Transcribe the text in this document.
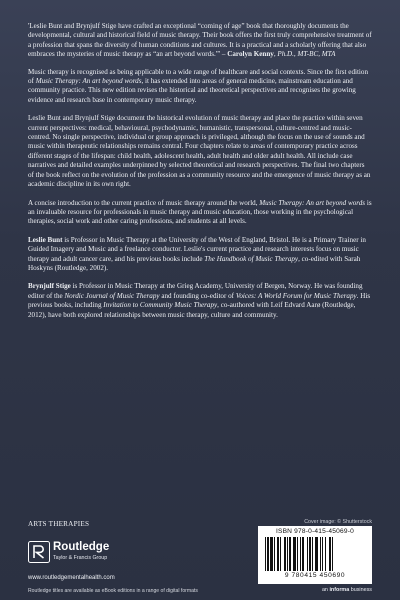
'Leslie Bunt and Brynjulf Stige have crafted an exceptional “coming of age” book that thoroughly documents the developmental, cultural and historical field of music therapy. Their book offers the first truly comprehensive treatment of a profession that spans the diversity of human conditions and cultures. It is a practical and a scholarly offering that also embraces the mysteries of music therapy as “an art beyond words.”' – Carolyn Kenny, Ph.D., MT-BC, MTA

Music therapy is recognised as being applicable to a wide range of healthcare and social contexts. Since the first edition of Music Therapy: An art beyond words, it has extended into areas of general medicine, mainstream education and community practice. This new edition revises the historical and theoretical perspectives and recognises the growing evidence and research base in contemporary music therapy.

Leslie Bunt and Brynjulf Stige document the historical evolution of music therapy and place the practice within seven current perspectives: medical, behavioural, psychodynamic, humanistic, transpersonal, culture-centred and music-centred. No single perspective, individual or group approach is privileged, although the focus on the use of sounds and music within therapeutic relationships remains central. Four chapters relate to areas of contemporary practice across different stages of the lifespan: child health, adolescent health, adult health and older adult health. All include case narratives and detailed examples underpinned by selected theoretical and research perspectives. The final two chapters of the book reflect on the evolution of the profession as a community resource and the emergence of music therapy as an academic discipline in its own right.

A concise introduction to the current practice of music therapy around the world, Music Therapy: An art beyond words is an invaluable resource for professionals in music therapy and music education, those working in the psychological therapies, social work and other caring professions, and students at all levels.

Leslie Bunt is Professor in Music Therapy at the University of the West of England, Bristol. He is a Primary Trainer in Guided Imagery and Music and a freelance conductor. Leslie's current practice and research interests focus on music therapy and adult cancer care, and his previous books include The Handbook of Music Therapy, co-edited with Sarah Hoskyns (Routledge, 2002).

Brynjulf Stige is Professor in Music Therapy at the Grieg Academy, University of Bergen, Norway. He was founding editor of the Nordic Journal of Music Therapy and founding co-editor of Voices: A World Forum for Music Therapy. His previous books, including Invitation to Community Music Therapy, co-authored with Leif Edvard Aarø (Routledge, 2012), have both explored relationships between music therapy, culture and community.

ARTS THERAPIES	Cover image: © Shutterstock
Routledge
Taylor & Francis Group
www.routledgementalhealth.com
Routledge titles are available as eBook editions in a range of digital formats
ISBN 978-0-415-45069-0
9 780415 450690
an informa business
